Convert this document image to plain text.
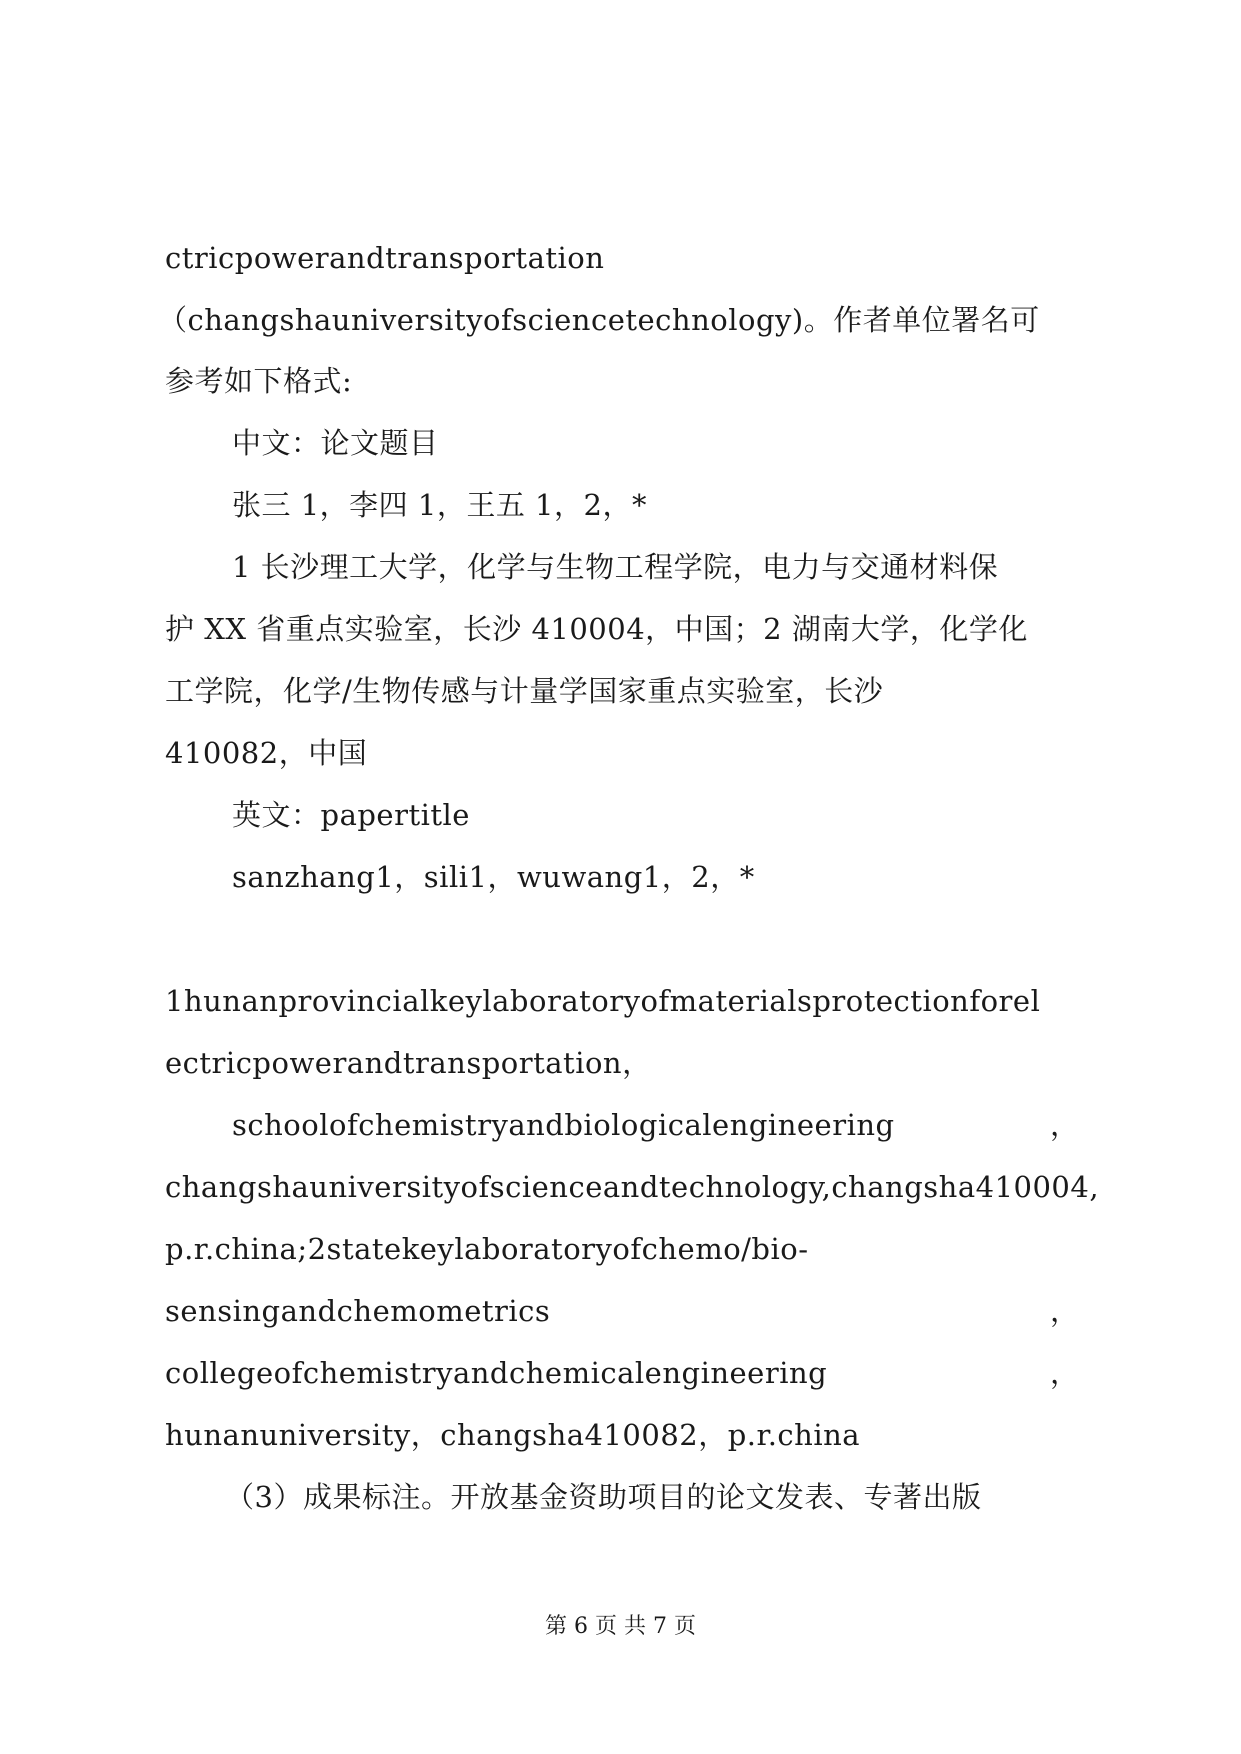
ctricpowerandtransportation
（changshauniversityofsciencetechnology)。作者单位署名可
参考如下格式:
中文：论文题目
张三 1，李四 1，王五 1，2，*
1 长沙理工大学，化学与生物工程学院，电力与交通材料保
护 XX 省重点实验室，长沙 410004，中国；2 湖南大学，化学化
工学院，化学/生物传感与计量学国家重点实验室，长沙
410082，中国
英文：papertitle
sanzhang1，sili1，wuwang1，2，*
1hunanprovincialkeylaboratoryofmaterialsprotectionforel
ectricpowerandtransportation，
schoolofchemistryandbiologicalengineering	，
changshauniversityofscienceandtechnology,changsha410004,
p.r.china;2statekeylaboratoryofchemo/bio-
sensingandchemometrics	，
collegeofchemistryandchemicalengineering	，
hunanuniversity，changsha410082，p.r.china
（3）成果标注。开放基金资助项目的论文发表、专著出版
第 6 页 共 7 页
